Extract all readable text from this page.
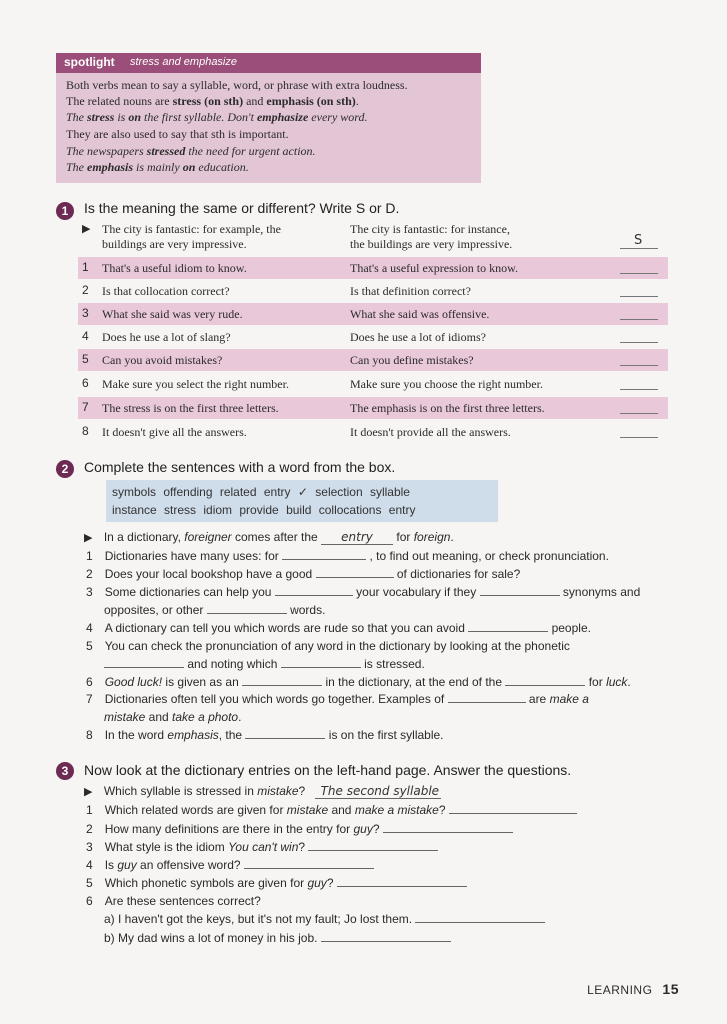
spotlight stress and emphasize
Both verbs mean to say a syllable, word, or phrase with extra loudness.
The related nouns are stress (on sth) and emphasis (on sth).
The stress is on the first syllable. Don't emphasize every word.
They are also used to say that sth is important.
The newspapers stressed the need for urgent action.
The emphasis is mainly on education.
1	Is the meaning the same or different? Write S or D.
▶ The city is fantastic: for example, the
buildings are very impressive.
The city is fantastic: for instance,
the buildings are very impressive.	S
1 That's a useful idiom to know.	That's a useful expression to know.
2 Is that collocation correct?	Is that definition correct?
3 What she said was very rude.	What she said was offensive.
4 Does he use a lot of slang?	Does he use a lot of idioms?
5 Can you avoid mistakes?	Can you define mistakes?
6 Make sure you select the right number.	Make sure you choose the right number.
7 The stress is on the first three letters.	The emphasis is on the first three letters.
8 It doesn't give all the answers.	It doesn't provide all the answers.
2	Complete the sentences with a word from the box.
symbols offending related entry ✓ selection syllable
instance stress idiom provide build collocations entry
▶ In a dictionary, foreigner comes after the entry for foreign.
1 Dictionaries have many uses: for	, to find out meaning, or check pronunciation.
2 Does your local bookshop have a good	of dictionaries for sale?
3 Some dictionaries can help you	your vocabulary if they	synonyms and
opposites, or other	words.
4 A dictionary can tell you which words are rude so that you can avoid	people.
5 You can check the pronunciation of any word in the dictionary by looking at the phonetic
and noting which	is stressed.
6 Good luck! is given as an	in the dictionary, at the end of the	for luck.
7 Dictionaries often tell you which words go together. Examples of	are make a
mistake and take a photo.
8 In the word emphasis, the	is on the first syllable.
3	Now look at the dictionary entries on the left-hand page. Answer the questions.
▶ Which syllable is stressed in mistake? The second syllable
1 Which related words are given for mistake and make a mistake?
2 How many definitions are there in the entry for guy?
3 What style is the idiom You can't win?
4 Is guy an offensive word?
5 Which phonetic symbols are given for guy?
6 Are these sentences correct?
a) I haven't got the keys, but it's not my fault; Jo lost them.
b) My dad wins a lot of money in his job.
LEARNING 15
